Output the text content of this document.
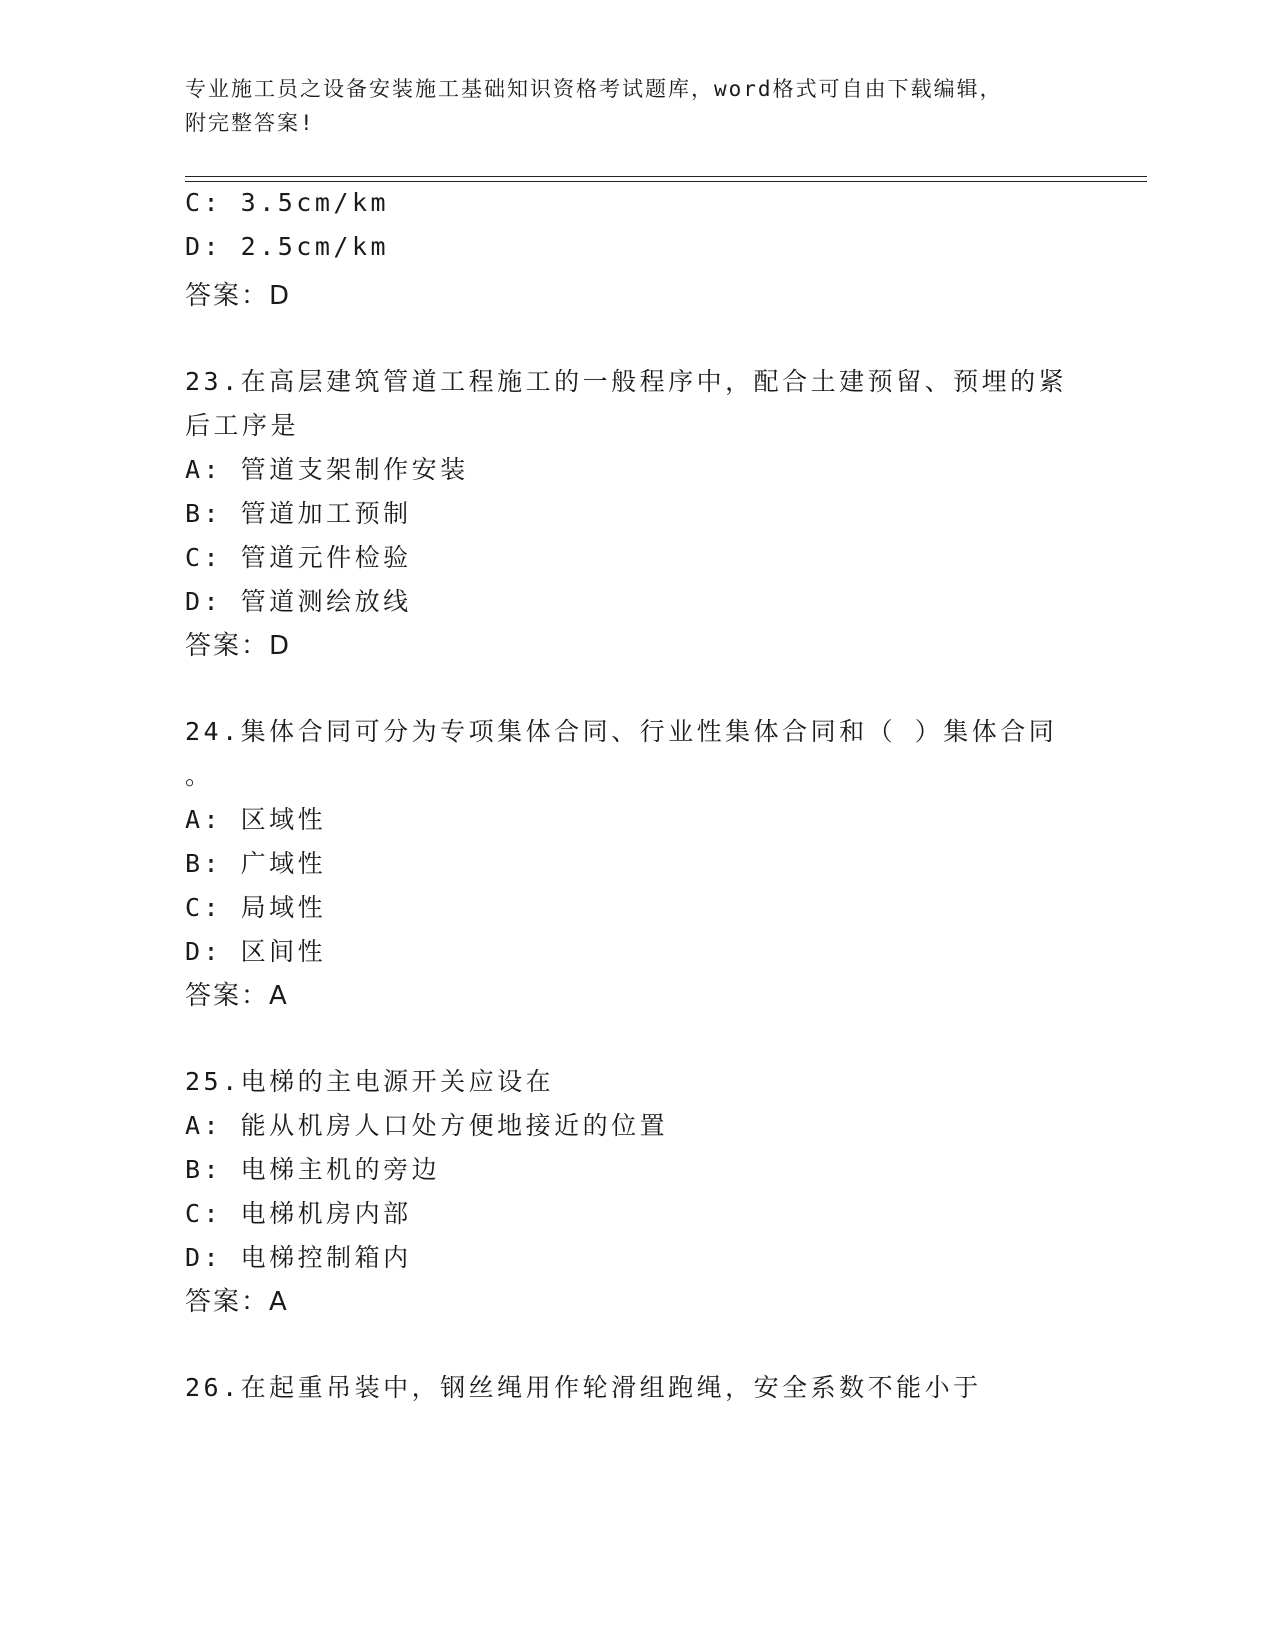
专业施工员之设备安装施工基础知识资格考试题库，word格式可自由下载编辑，
附完整答案!
C: 3.5cm/km
D: 2.5cm/km
答案：D
23.在高层建筑管道工程施工的一般程序中，配合土建预留、预埋的紧
后工序是
A: 管道支架制作安装
B: 管道加工预制
C: 管道元件检验
D: 管道测绘放线
答案：D
24.集体合同可分为专项集体合同、行业性集体合同和（ ）集体合同
。
A: 区域性
B: 广域性
C: 局域性
D: 区间性
答案：A
25.电梯的主电源开关应设在
A: 能从机房人口处方便地接近的位置
B: 电梯主机的旁边
C: 电梯机房内部
D: 电梯控制箱内
答案：A
26.在起重吊装中，钢丝绳用作轮滑组跑绳，安全系数不能小于
